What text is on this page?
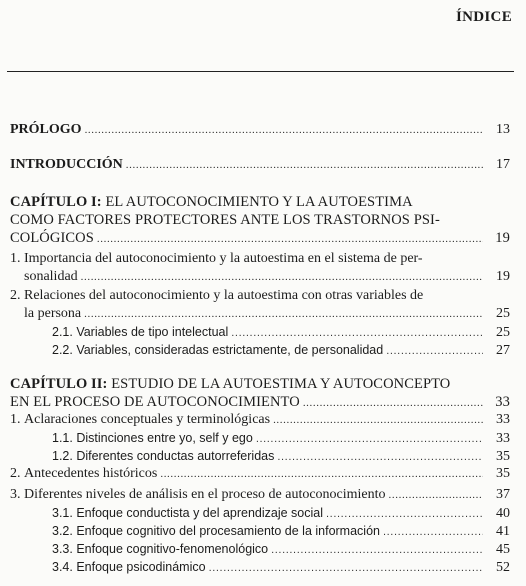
ÍNDICE
PRÓLOGO .....	13
INTRODUCCIÓN .....	17
CAPÍTULO I: EL AUTOCONOCIMIENTO Y LA AUTOESTIMA
COMO FACTORES PROTECTORES ANTE LOS TRASTORNOS PSI-
COLÓGICOS .....	19
1. Importancia del autoconocimiento y la autoestima en el sistema de per-
sonalidad .....	19
2. Relaciones del autoconocimiento y la autoestima con otras variables de
la persona .....	25
2.1. Variables de tipo intelectual .....	25
2.2. Variables, consideradas estrictamente, de personalidad .....	27
CAPÍTULO II: ESTUDIO DE LA AUTOESTIMA Y AUTOCONCEPTO
EN EL PROCESO DE AUTOCONOCIMIENTO .....	33
1. Aclaraciones conceptuales y terminológicas .....	33
1.1. Distinciones entre yo, self y ego .....	33
1.2. Diferentes conductas autorreferidas .....	35
2. Antecedentes históricos .....	35
3. Diferentes niveles de análisis en el proceso de autoconocimiento .....	37
3.1. Enfoque conductista y del aprendizaje social .....	40
3.2. Enfoque cognitivo del procesamiento de la información .....	41
3.3. Enfoque cognitivo-fenomenológico .....	45
3.4. Enfoque psicodinámico .....	52
